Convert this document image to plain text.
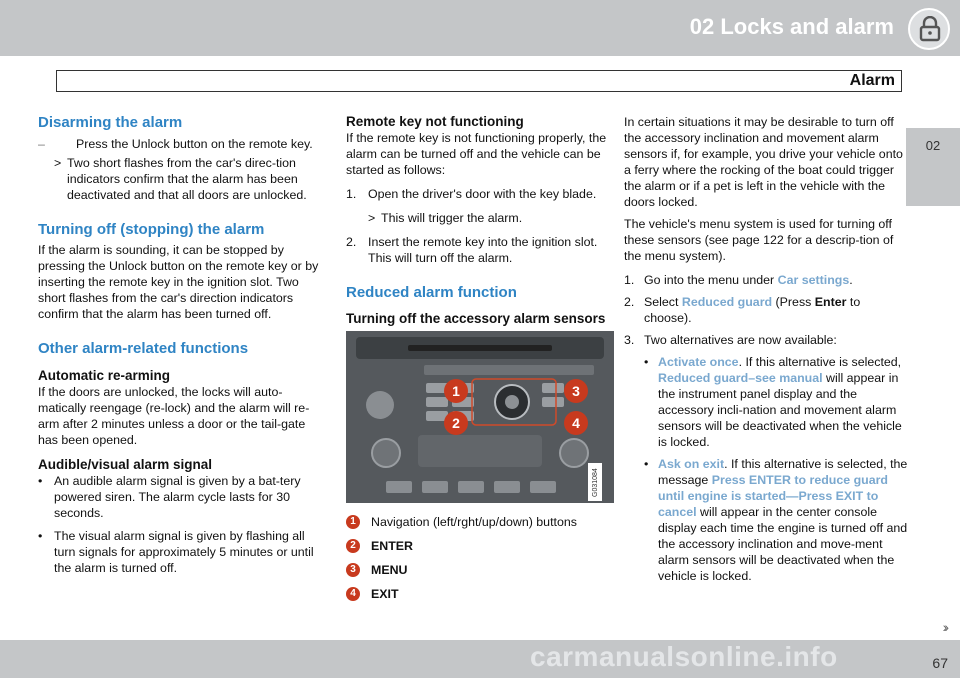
02 Locks and alarm
Alarm
02
Disarming the alarm
–	Press the Unlock button on the remote key.
> Two short flashes from the car's direc-tion indicators confirm that the alarm has been deactivated and that all doors are unlocked.
Turning off (stopping) the alarm

If the alarm is sounding, it can be stopped by pressing the Unlock button on the remote key or by inserting the remote key in the ignition slot. Two short flashes from the car's direction indicators confirm that the alarm has been turned off.

Other alarm-related functions
Automatic re-arming

If the doors are unlocked, the locks will auto-matically reengage (re-lock) and the alarm will re-arm after 2 minutes unless a door or the tail-gate has been opened.

Audible/visual alarm signal
• An audible alarm signal is given by a bat-tery powered siren. The alarm cycle lasts for 30 seconds.
• The visual alarm signal is given by flashing all turn signals for approximately 5 minutes or until the alarm is turned off.
Remote key not functioning

If the remote key is not functioning properly, the alarm can be turned off and the vehicle can be started as follows:

1. Open the driver's door with the key blade.
> This will trigger the alarm.
2. Insert the remote key into the ignition slot. This will turn off the alarm.
Reduced alarm function
Turning off the accessory alarm sensors
G031084
1
2
3
4
1	Navigation (left/rght/up/down) buttons
2	ENTER
3	MENU
4	EXIT

In certain situations it may be desirable to turn off the accessory inclination and movement alarm sensors if, for example, you drive your vehicle onto a ferry where the rocking of the boat could trigger the alarm or if a pet is left in the vehicle with the doors locked.

The vehicle's menu system is used for turning off these sensors (see page 122 for a descrip-tion of the menu system).

1. Go into the menu under Car settings.
2. Select Reduced guard (Press Enter to choose).
3. Two alternatives are now available:
• Activate once. If this alternative is selected, Reduced guard–see manual will appear in the instrument panel display and the accessory incli-nation and movement alarm sensors will be deactivated when the vehicle is locked.
• Ask on exit. If this alternative is selected, the message Press ENTER to reduce guard until engine is started—Press EXIT to cancel will appear in the center console display each time the engine is turned off and the accessory inclination and move-ment alarm sensors will be deactivated when the vehicle is locked.
››
carmanualsonline.info	67
